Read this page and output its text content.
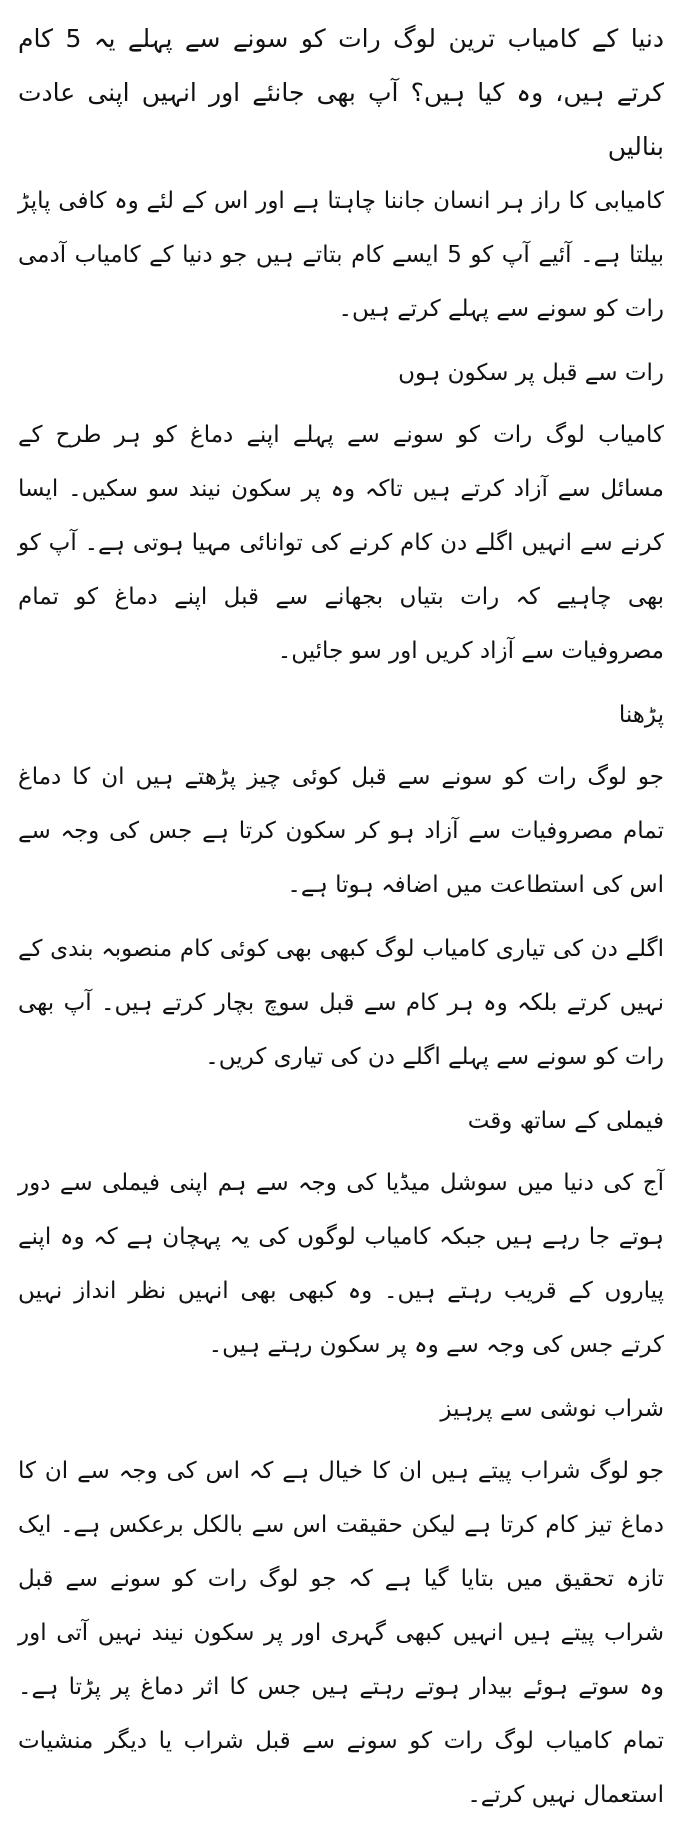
دنیا کے کامیاب ترین لوگ رات کو سونے سے پہلے یہ 5 کام کرتے ہیں، وہ کیا ہیں؟ آپ بھی جانئے اور انہیں اپنی عادت بنالیں

کامیابی کا راز ہر انسان جاننا چاہتا ہے اور اس کے لئے وہ کافی پاپڑ بیلتا ہے۔ آئیے آپ کو 5 ایسے کام بتاتے ہیں جو دنیا کے کامیاب آدمی رات کو سونے سے پہلے کرتے ہیں۔

رات سے قبل پر سکون ہوں

کامیاب لوگ رات کو سونے سے پہلے اپنے دماغ کو ہر طرح کے مسائل سے آزاد کرتے ہیں تاکہ وہ پر سکون نیند سو سکیں۔ ایسا کرنے سے انہیں اگلے دن کام کرنے کی توانائی مہیا ہوتی ہے۔ آپ کو بھی چاہیے کہ رات بتیاں بجھانے سے قبل اپنے دماغ کو تمام مصروفیات سے آزاد کریں اور سو جائیں۔

پڑھنا

جو لوگ رات کو سونے سے قبل کوئی چیز پڑھتے ہیں ان کا دماغ تمام مصروفیات سے آزاد ہو کر سکون کرتا ہے جس کی وجہ سے اس کی استطاعت میں اضافہ ہوتا ہے۔

اگلے دن کی تیاری کامیاب لوگ کبھی بھی کوئی کام منصوبہ بندی کے نہیں کرتے بلکہ وہ ہر کام سے قبل سوچ بچار کرتے ہیں۔ آپ بھی رات کو سونے سے پہلے اگلے دن کی تیاری کریں۔

فیملی کے ساتھ وقت

آج کی دنیا میں سوشل میڈیا کی وجہ سے ہم اپنی فیملی سے دور ہوتے جا رہے ہیں جبکہ کامیاب لوگوں کی یہ پہچان ہے کہ وہ اپنے پیاروں کے قریب رہتے ہیں۔ وہ کبھی بھی انہیں نظر انداز نہیں کرتے جس کی وجہ سے وہ پر سکون رہتے ہیں۔

شراب نوشی سے پرہیز

جو لوگ شراب پیتے ہیں ان کا خیال ہے کہ اس کی وجہ سے ان کا دماغ تیز کام کرتا ہے لیکن حقیقت اس سے بالکل برعکس ہے۔ ایک تازہ تحقیق میں بتایا گیا ہے کہ جو لوگ رات کو سونے سے قبل شراب پیتے ہیں انہیں کبھی گہری اور پر سکون نیند نہیں آتی اور وہ سوتے ہوئے بیدار ہوتے رہتے ہیں جس کا اثر دماغ پر پڑتا ہے۔ تمام کامیاب لوگ رات کو سونے سے قبل شراب یا دیگر منشیات استعمال نہیں کرتے۔
